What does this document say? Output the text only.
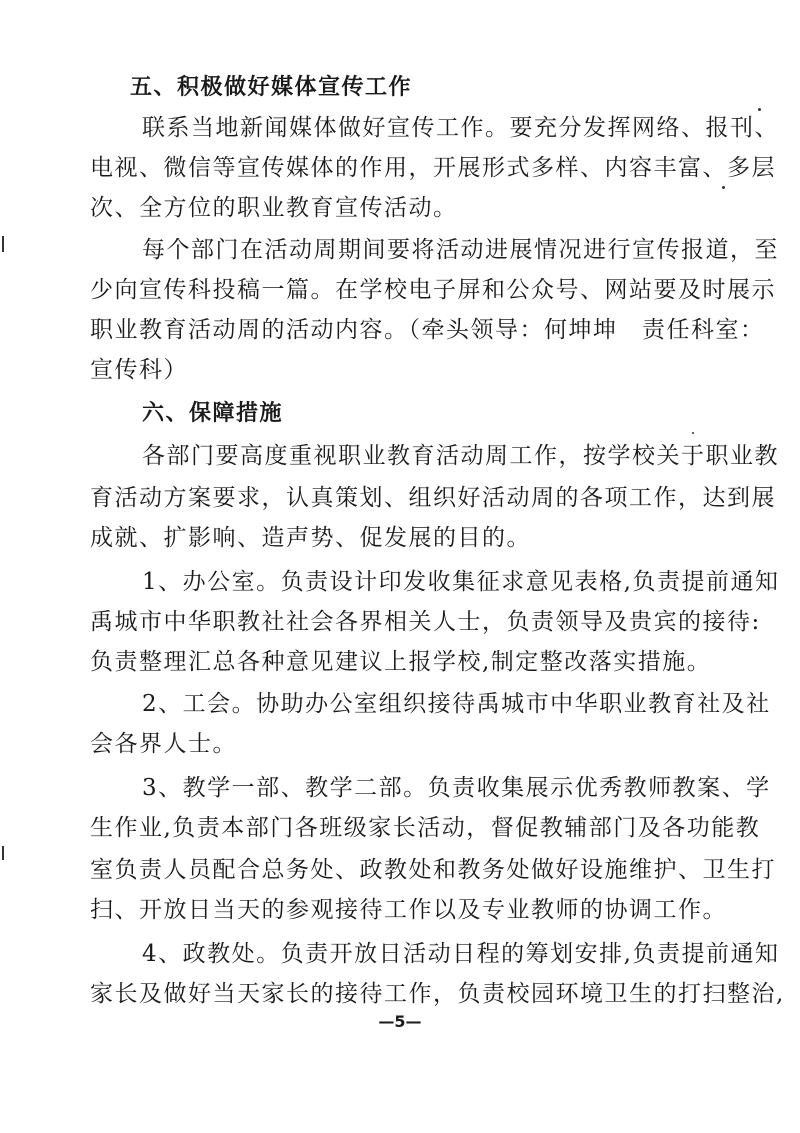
五、积极做好媒体宣传工作
联系当地新闻媒体做好宣传工作。要充分发挥网络、报刊、
电视、微信等宣传媒体的作用，开展形式多样、内容丰富、多层
次、全方位的职业教育宣传活动。
每个部门在活动周期间要将活动进展情况进行宣传报道，至
少向宣传科投稿一篇。在学校电子屏和公众号、网站要及时展示
职业教育活动周的活动内容。（牵头领导：何坤坤　责任科室：
宣传科）
六、保障措施
各部门要高度重视职业教育活动周工作，按学校关于职业教
育活动方案要求，认真策划、组织好活动周的各项工作，达到展
成就、扩影响、造声势、促发展的目的。
1、办公室。负责设计印发收集征求意见表格,负责提前通知
禹城市中华职教社社会各界相关人士，负责领导及贵宾的接待:
负责整理汇总各种意见建议上报学校,制定整改落实措施。
2、工会。协助办公室组织接待禹城市中华职业教育社及社
会各界人士。
3、教学一部、教学二部。负责收集展示优秀教师教案、学
生作业,负责本部门各班级家长活动，督促教辅部门及各功能教
室负责人员配合总务处、政教处和教务处做好设施维护、卫生打
扫、开放日当天的参观接待工作以及专业教师的协调工作。
4、政教处。负责开放日活动日程的筹划安排,负责提前通知
家长及做好当天家长的接待工作，负责校园环境卫生的打扫整治,
—5—
